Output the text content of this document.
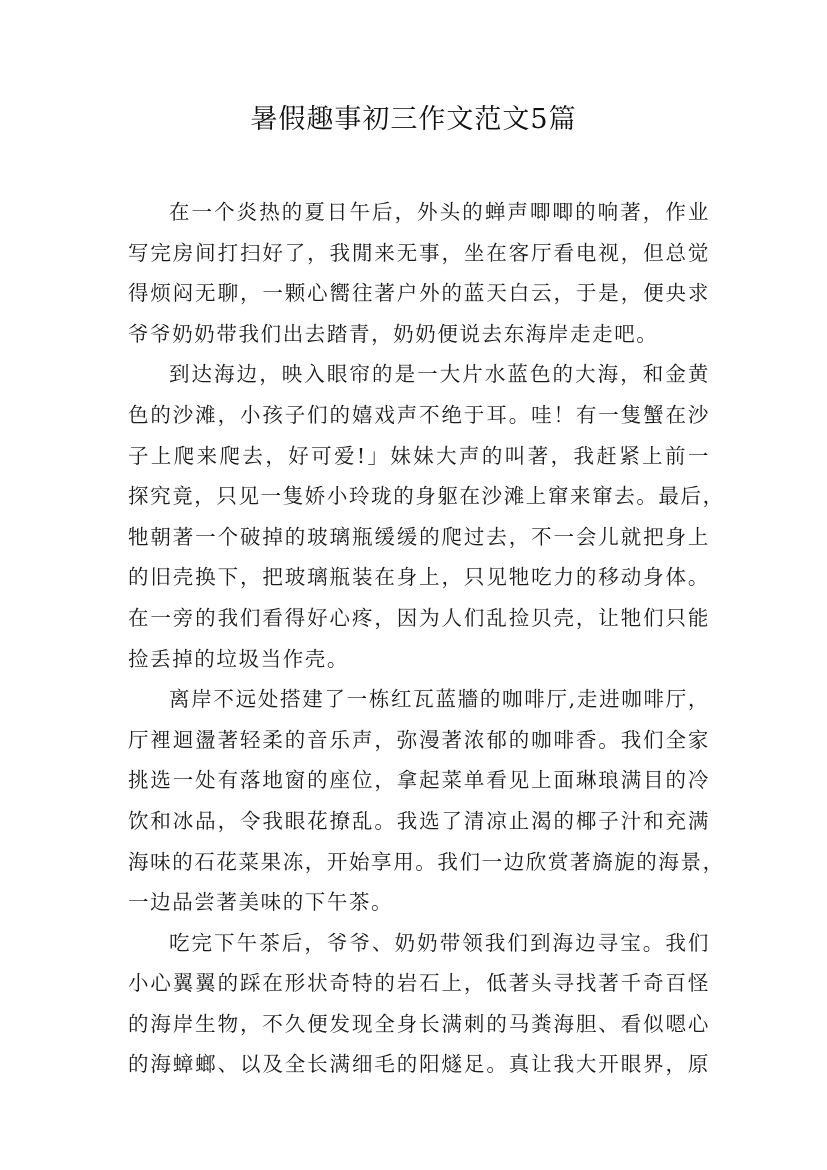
暑假趣事初三作文范文5篇
在一个炎热的夏日午后，外头的蝉声唧唧的响著，作业
写完房间打扫好了，我閒来无事，坐在客厅看电视，但总觉
得烦闷无聊，一颗心嚮往著户外的蓝天白云，于是，便央求
爷爷奶奶带我们出去踏青，奶奶便说去东海岸走走吧。
到达海边，映入眼帘的是一大片水蓝色的大海，和金黄
色的沙滩，小孩子们的嬉戏声不绝于耳。哇！有一隻蟹在沙
子上爬来爬去，好可爱!」妹妹大声的叫著，我赶紧上前一
探究竟，只见一隻娇小玲珑的身躯在沙滩上窜来窜去。最后，
牠朝著一个破掉的玻璃瓶缓缓的爬过去，不一会儿就把身上
的旧壳换下，把玻璃瓶装在身上，只见牠吃力的移动身体。
在一旁的我们看得好心疼，因为人们乱捡贝壳，让牠们只能
捡丢掉的垃圾当作壳。
离岸不远处搭建了一栋红瓦蓝牆的咖啡厅,走进咖啡厅，
厅裡迴盪著轻柔的音乐声，弥漫著浓郁的咖啡香。我们全家
挑选一处有落地窗的座位，拿起菜单看见上面琳琅满目的冷
饮和冰品，令我眼花撩乱。我选了清凉止渴的椰子汁和充满
海味的石花菜果冻，开始享用。我们一边欣赏著旖旎的海景，
一边品尝著美味的下午茶。
吃完下午茶后，爷爷、奶奶带领我们到海边寻宝。我们
小心翼翼的踩在形状奇特的岩石上，低著头寻找著千奇百怪
的海岸生物，不久便发现全身长满刺的马粪海胆、看似嗯心
的海蟑螂、以及全长满细毛的阳燧足。真让我大开眼界，原
